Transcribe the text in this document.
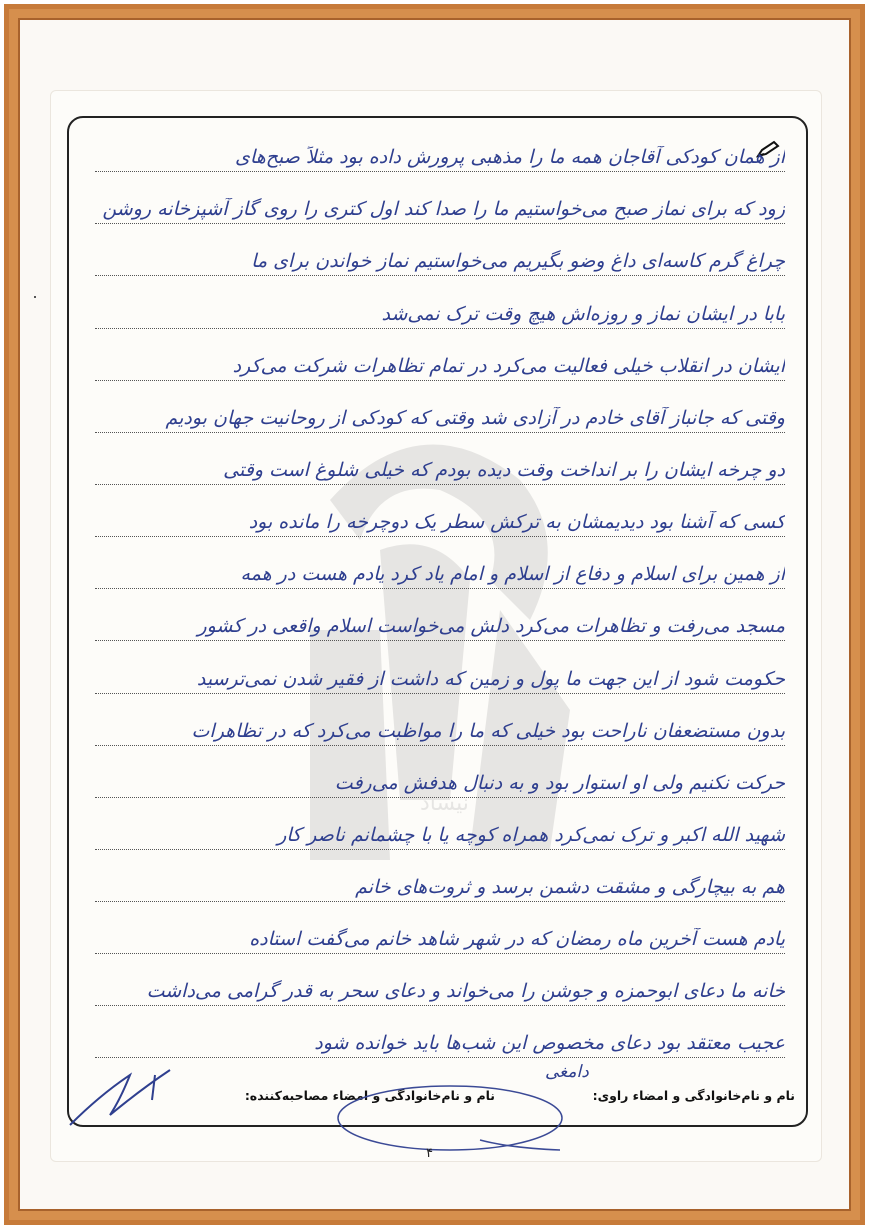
نیساد
از همان کودکی آقاجان همه ما را مذهبی پرورش داده بود مثلاً صبح‌های
زود که برای نماز صبح می‌خواستیم ما را صدا کند اول کتری را روی گاز آشپزخانه روشن
چراغ گرم کاسه‌ای داغ وضو بگیریم می‌خواستیم نماز خواندن برای ما
بابا در ایشان نماز و روزه‌اش هیچ وقت ترک نمی‌شد
ایشان در انقلاب خیلی فعالیت می‌کرد در تمام تظاهرات شرکت می‌کرد
وقتی که جانباز آقای خادم در آزادی شد وقتی که کودکی از روحانیت جهان بودیم
دو چرخه ایشان را بر انداخت وقت دیده بودم که خیلی شلوغ است وقتی
کسی که آشنا بود دیدیمشان به ترکش سطر یک دوچرخه را مانده بود
از همین برای اسلام و دفاع از اسلام و امام یاد کرد یادم هست در همه
مسجد می‌رفت و تظاهرات می‌کرد دلش می‌خواست اسلام واقعی در کشور
حکومت شود از این جهت ما پول و زمین که داشت از فقیر شدن نمی‌ترسید
بدون مستضعفان ناراحت بود خیلی که ما را مواظبت می‌کرد که در تظاهرات
حرکت نکنیم ولی او استوار بود و به دنبال هدفش می‌رفت
شهید الله اکبر و ترک نمی‌کرد همراه کوچه یا با چشمانم ناصر کار
هم به بیچارگی و مشقت دشمن برسد و ثروت‌های خانم
یادم هست آخرین ماه رمضان که در شهر شاهد خانم می‌گفت استاده
خانه ما دعای ابوحمزه و جوشن را می‌خواند و دعای سحر به قدر گرامی می‌داشت
عجیب معتقد بود دعای مخصوص این شب‌ها باید خوانده شود
نام و نام‌خانوادگی و امضاء راوی:
نام و نام‌خانوادگی و امضاء مصاحبه‌کننده:
دامغی
۴
